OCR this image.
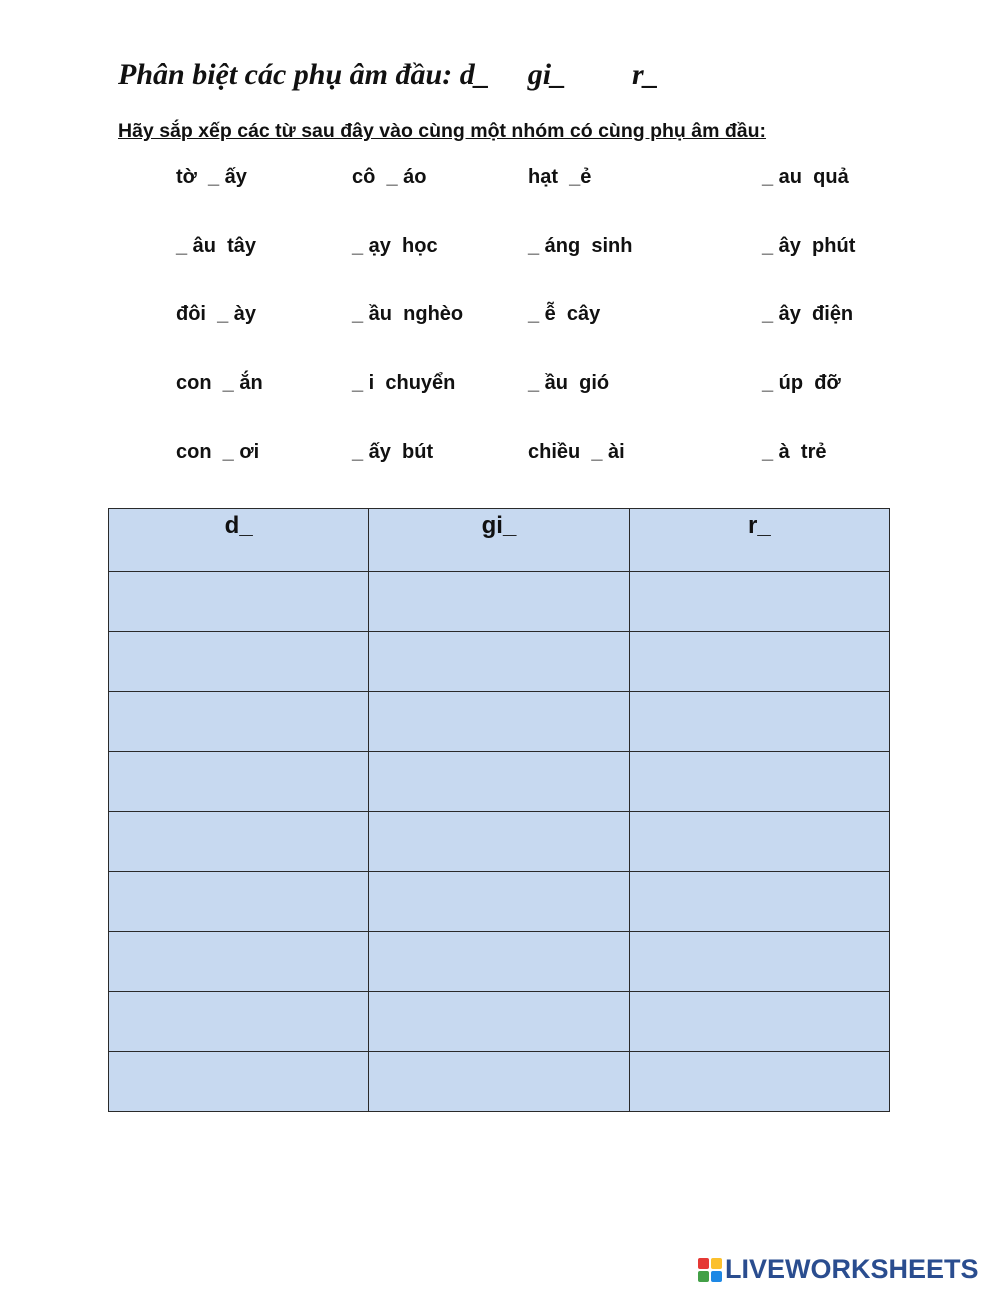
Phân biệt các phụ âm đầu: d_ gi_ r_

Hãy sắp xếp các từ sau đây vào cùng một nhóm có cùng phụ âm đầu:

tờ  _ ấy	cô  _ áo	hạt  _ẻ	_ au  quả
_ âu  tây	_ ạy  học	_ áng  sinh	_ ây  phút
đôi  _ ày	_ ầu  nghèo	_ ễ  cây	_ ây  điện
con  _ ắn	_ i  chuyển	_ ầu  gió	_ úp  đỡ
con  _ ơi	_ ấy  bút	chiều  _ ài	_ à  trẻ
d_	gi_	r_

LIVEWORKSHEETS
